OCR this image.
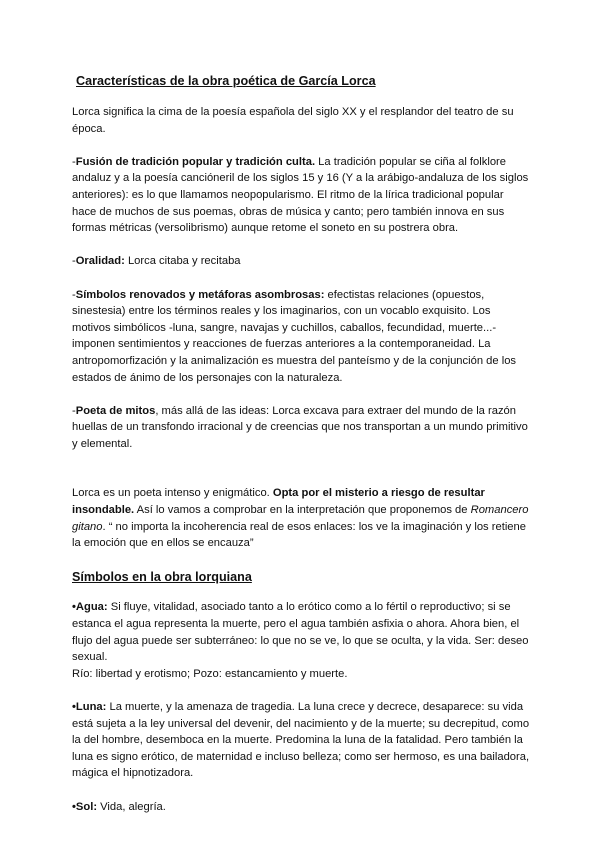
Características de la obra poética de García Lorca

Lorca significa la cima de la poesía española del siglo XX y el resplandor del teatro de su época.

-Fusión de tradición popular y tradición culta. La tradición popular se ciña al folklore andaluz y a la poesía cancióneril de los siglos 15 y 16 (Y a la arábigo-andaluza de los siglos anteriores): es lo que llamamos neopopularismo. El ritmo de la lírica tradicional popular hace de muchos de sus poemas, obras de música y canto; pero también innova en sus formas métricas (versolibrismo) aunque retome el soneto en su postrera obra.

-Oralidad: Lorca citaba y recitaba

-Símbolos renovados y metáforas asombrosas: efectistas relaciones (opuestos, sinestesia) entre los términos reales y los imaginarios, con un vocablo exquisito. Los motivos simbólicos -luna, sangre, navajas y cuchillos, caballos, fecundidad, muerte...- imponen sentimientos y reacciones de fuerzas anteriores a la contemporaneidad. La antropomorfización y la animalización es muestra del panteísmo y de la conjunción de los estados de ánimo de los personajes con la naturaleza.

-Poeta de mitos, más allá de las ideas: Lorca excava para extraer del mundo de la razón huellas de un transfondo irracional y de creencias que nos transportan a un mundo primitivo y elemental.

Lorca es un poeta intenso y enigmático. Opta por el misterio a riesgo de resultar insondable. Así lo vamos a comprobar en la interpretación que proponemos de Romancero gitano. “ no importa la incoherencia real de esos enlaces: los ve la imaginación y los retiene la emoción que en ellos se encauza”

Símbolos en la obra lorquiana

•Agua: Si fluye, vitalidad, asociado tanto a lo erótico como a lo fértil o reproductivo; si se estanca el agua representa la muerte, pero el agua también asfixia o ahora. Ahora bien, el flujo del agua puede ser subterráneo: lo que no se ve, lo que se oculta, y la vida. Ser: deseo sexual.
Río: libertad y erotismo; Pozo: estancamiento y muerte.

•Luna: La muerte, y la amenaza de tragedia. La luna crece y decrece, desaparece: su vida está sujeta a la ley universal del devenir, del nacimiento y de la muerte; su decrepitud, como la del hombre, desemboca en la muerte. Predomina la luna de la fatalidad. Pero también la luna es signo erótico, de maternidad e incluso belleza; como ser hermoso, es una bailadora, mágica el hipnotizadora.

•Sol: Vida, alegría.
